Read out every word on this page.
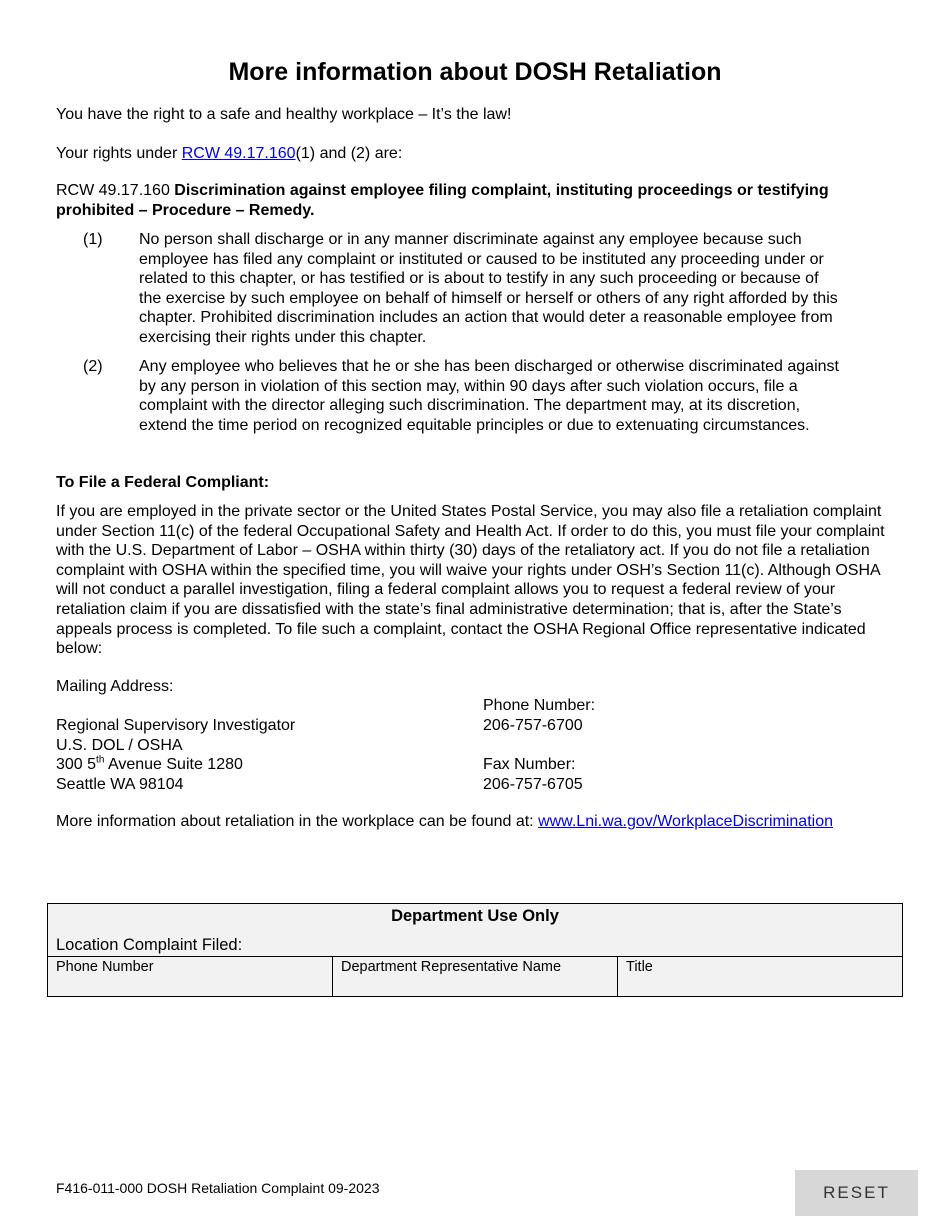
More information about DOSH Retaliation

You have the right to a safe and healthy workplace – It’s the law!

Your rights under RCW 49.17.160(1) and (2) are:

RCW 49.17.160 Discrimination against employee filing complaint, instituting proceedings or testifying prohibited – Procedure – Remedy.

(1) No person shall discharge or in any manner discriminate against any employee because such employee has filed any complaint or instituted or caused to be instituted any proceeding under or related to this chapter, or has testified or is about to testify in any such proceeding or because of the exercise by such employee on behalf of himself or herself or others of any right afforded by this chapter. Prohibited discrimination includes an action that would deter a reasonable employee from exercising their rights under this chapter.
(2) Any employee who believes that he or she has been discharged or otherwise discriminated against by any person in violation of this section may, within 90 days after such violation occurs, file a complaint with the director alleging such discrimination. The department may, at its discretion, extend the time period on recognized equitable principles or due to extenuating circumstances.

To File a Federal Compliant:

If you are employed in the private sector or the United States Postal Service, you may also file a retaliation complaint under Section 11(c) of the federal Occupational Safety and Health Act. If order to do this, you must file your complaint with the U.S. Department of Labor – OSHA within thirty (30) days of the retaliatory act. If you do not file a retaliation complaint with OSHA within the specified time, you will waive your rights under OSH’s Section 11(c). Although OSHA will not conduct a parallel investigation, filing a federal complaint allows you to request a federal review of your retaliation claim if you are dissatisfied with the state’s final administrative determination; that is, after the State’s appeals process is completed. To file such a complaint, contact the OSHA Regional Office representative indicated below:

Mailing Address:

Regional Supervisory Investigator
U.S. DOL / OSHA
300 5th Avenue Suite 1280
Seattle WA 98104
Phone Number:
206-757-6700
Fax Number:
206-757-6705

More information about retaliation in the workplace can be found at: www.Lni.wa.gov/WorkplaceDiscrimination

Department Use Only
Location Complaint Filed:
Phone Number	Department Representative Name	Title

F416-011-000 DOSH Retaliation Complaint 09-2023	RESET
